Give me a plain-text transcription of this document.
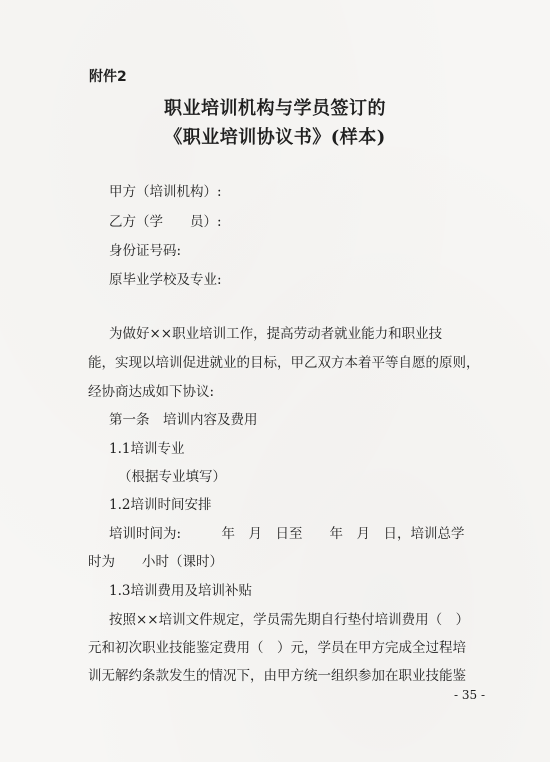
附件2
职业培训机构与学员签订的
《职业培训协议书》(样本)
甲方（培训机构）:
乙方（学　　员）:
身份证号码:
原毕业学校及专业:
为做好××职业培训工作，提高劳动者就业能力和职业技
能，实现以培训促进就业的目标，甲乙双方本着平等自愿的原则，
经协商达成如下协议:
第一条　培训内容及费用
1.1培训专业
（根据专业填写）
1.2培训时间安排
培训时间为:　　　年　月　日至　　年　月　日，培训总学
时为　　小时（课时）
1.3培训费用及培训补贴
按照××培训文件规定，学员需先期自行垫付培训费用（　）
元和初次职业技能鉴定费用（　）元，学员在甲方完成全过程培
训无解约条款发生的情况下，由甲方统一组织参加在职业技能鉴
- 35 -
